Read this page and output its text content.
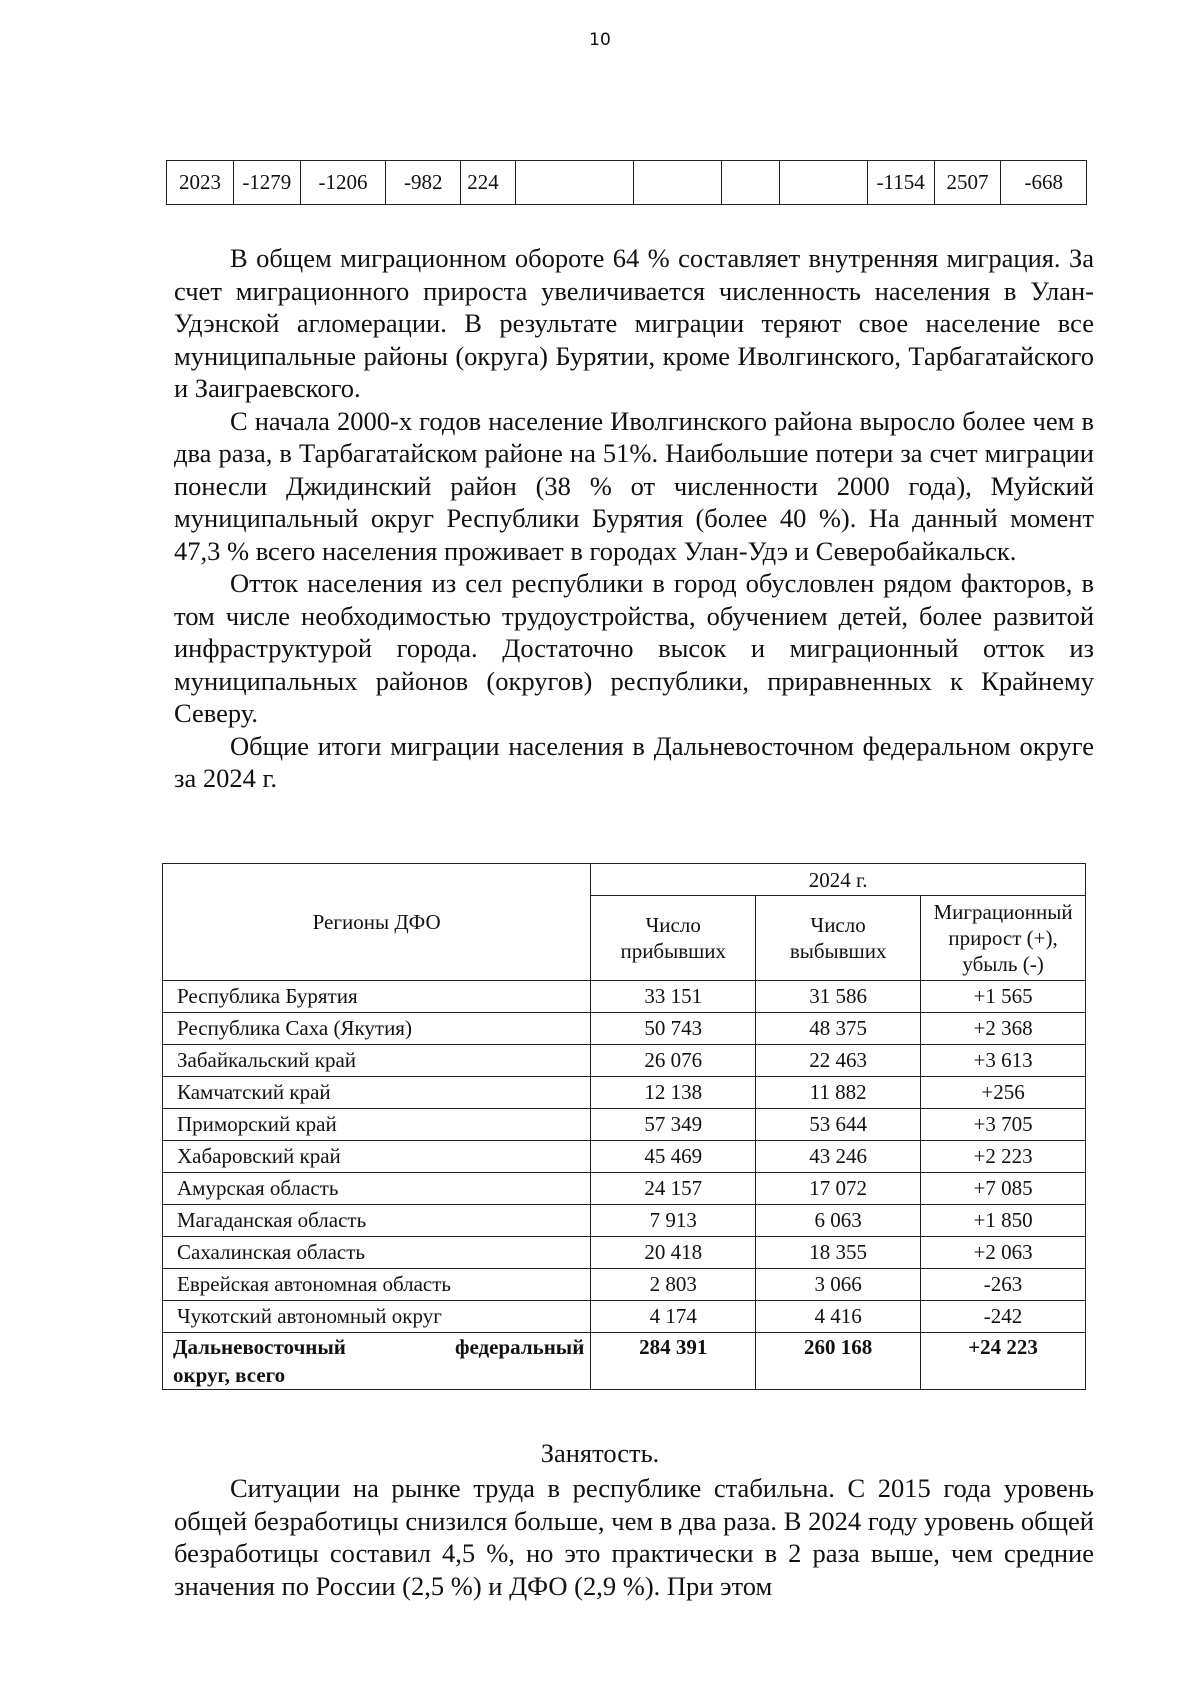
10
2023	-1279	-1206	-982	224					-1154	2507	-668

В общем миграционном обороте 64 % составляет внутренняя миграция. За счет миграционного прироста увеличивается численность населения в Улан-Удэнской агломерации. В результате миграции теряют свое население все муниципальные районы (округа) Бурятии, кроме Иволгинского, Тарбагатайского и Заиграевского.

С начала 2000-х годов население Иволгинского района выросло более чем в два раза, в Тарбагатайском районе на 51%. Наибольшие потери за счет миграции понесли Джидинский район (38 % от численности 2000 года), Муйский муниципальный округ Республики Бурятия (более 40 %). На данный момент 47,3 % всего населения проживает в городах Улан-Удэ и Северобайкальск.

Отток населения из сел республики в город обусловлен рядом факторов, в том числе необходимостью трудоустройства, обучением детей, более развитой инфраструктурой города. Достаточно высок и миграционный отток из муниципальных районов (округов) республики, приравненных к Крайнему Северу.

Общие итоги миграции населения в Дальневосточном федеральном округе за 2024 г.

Регионы ДФО	2024 г.		
	Число прибывших	Число выбывших	Миграционный прирост (+), убыль (-)
Республика Бурятия	33 151	31 586	+1 565
Республика Саха (Якутия)	50 743	48 375	+2 368
Забайкальский край	26 076	22 463	+3 613
Камчатский край	12 138	11 882	+256
Приморский край	57 349	53 644	+3 705
Хабаровский край	45 469	43 246	+2 223
Амурская область	24 157	17 072	+7 085
Магаданская область	7 913	6 063	+1 850
Сахалинская область	20 418	18 355	+2 063
Еврейская автономная область	2 803	3 066	-263
Чукотский автономный округ	4 174	4 416	-242

Дальневосточный федеральный
округ, всего	284 391	260 168	+24 223
Занятость.

Ситуации на рынке труда в республике стабильна. С 2015 года уровень общей безработицы снизился больше, чем в два раза. В 2024 году уровень общей безработицы составил 4,5 %, но это практически в 2 раза выше, чем средние значения по России (2,5 %) и ДФО (2,9 %). При этом
